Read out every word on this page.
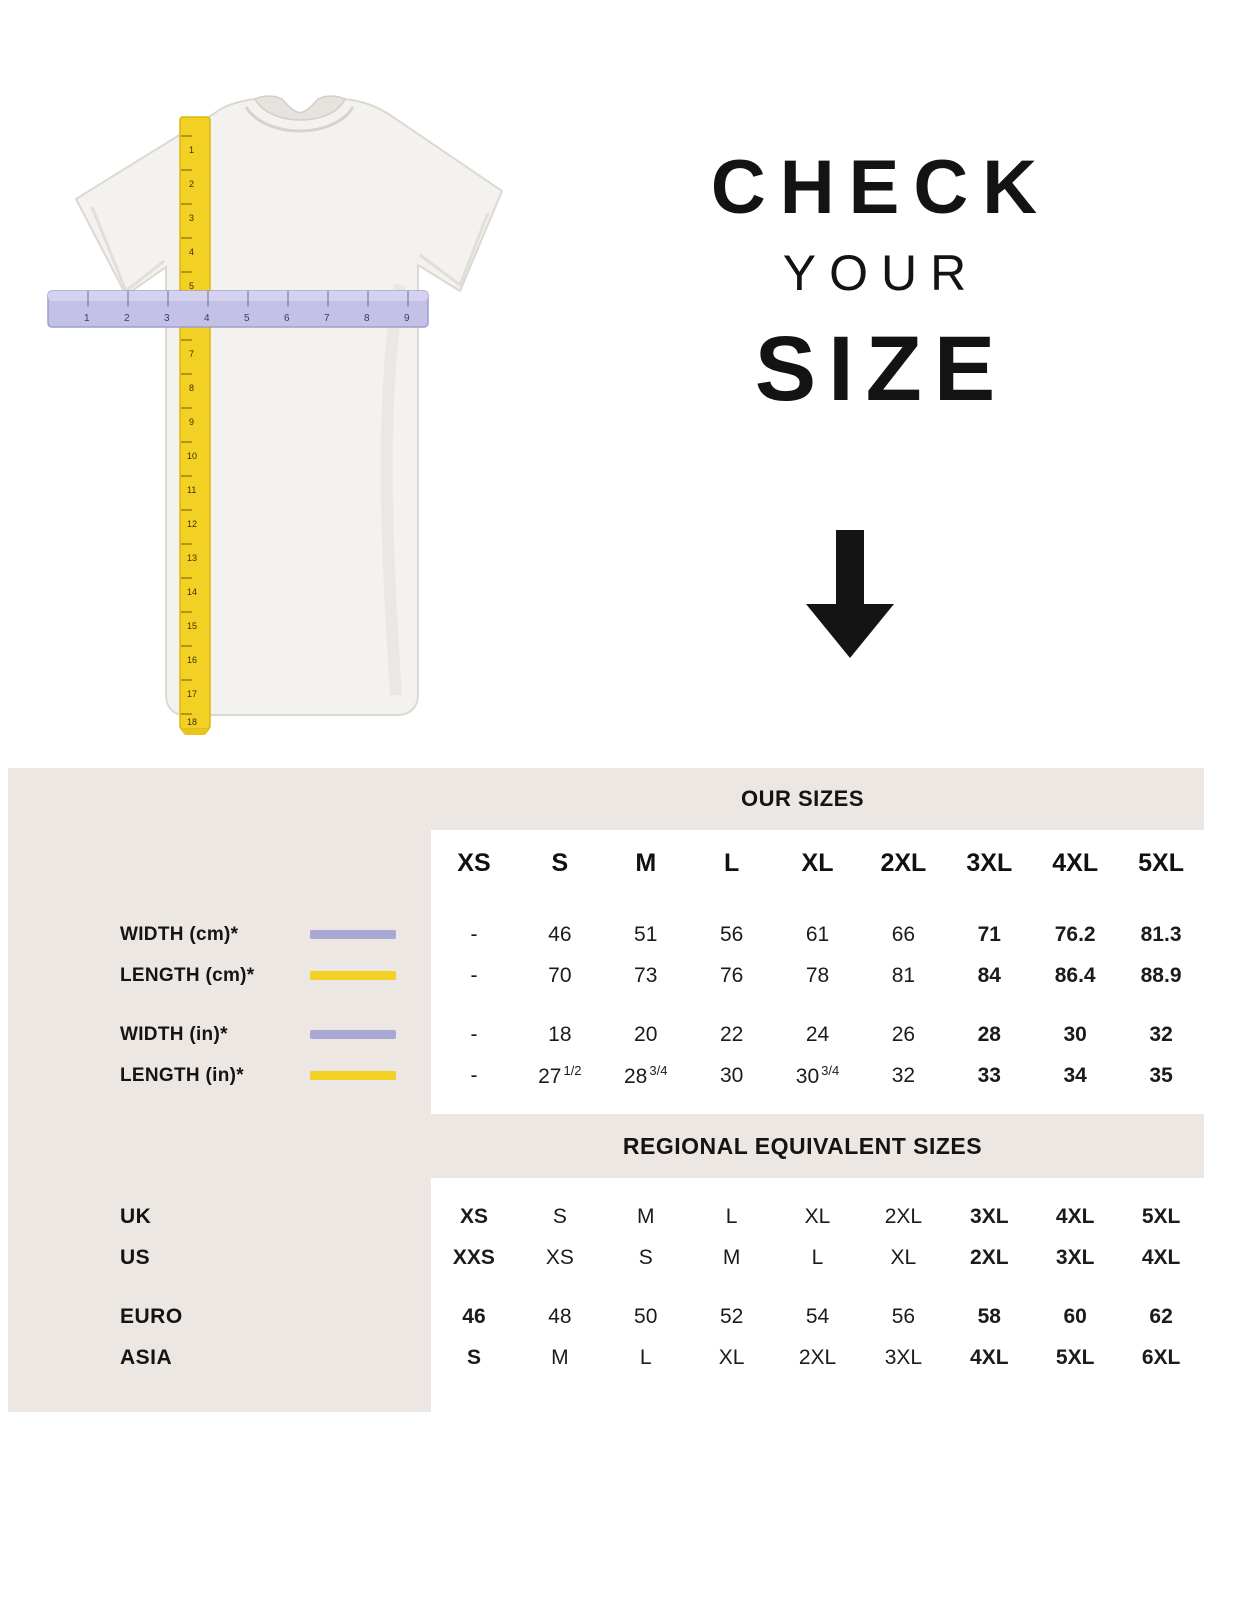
1
2
3
4
5
7
8
9
10
11
12
13
14
15
16
17
18
1	2	3	4	5	6	7	8	9
CHECK
YOUR
SIZE
OUR SIZES
XS	S	M	L	XL	2XL	3XL	4XL	5XL
WIDTH (cm)*	-	46	51	56	61	66	71	76.2	81.3
LENGTH (cm)*	-	70	73	76	78	81	84	86.4	88.9
WIDTH (in)*	-	18	20	22	24	26	28	30	32
LENGTH (in)*	-	27 $^{1/2}$	28 $^{3/4}$	30	30 $^{3/4}$	32	33	34	35
REGIONAL EQUIVALENT SIZES
UK	XS	S	M	L	XL	2XL	3XL	4XL	5XL
US	XXS	XS	S	M	L	XL	2XL	3XL	4XL
EURO	46	48	50	52	54	56	58	60	62
ASIA	S	M	L	XL	2XL	3XL	4XL	5XL	6XL
